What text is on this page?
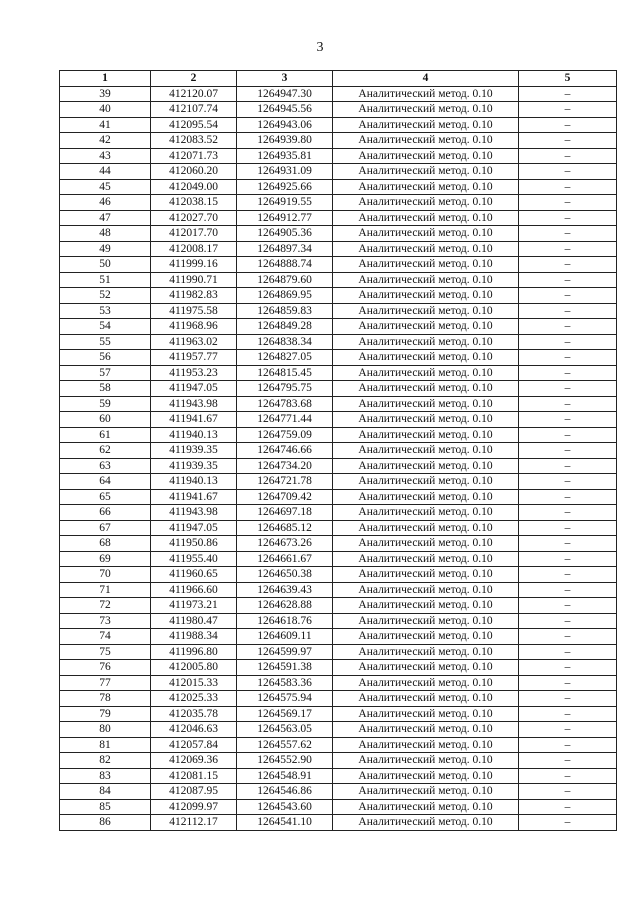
3
1	2	3	4	5
39	412120.07	1264947.30	Аналитический метод. 0.10	–
40	412107.74	1264945.56	Аналитический метод. 0.10	–
41	412095.54	1264943.06	Аналитический метод. 0.10	–
42	412083.52	1264939.80	Аналитический метод. 0.10	–
43	412071.73	1264935.81	Аналитический метод. 0.10	–
44	412060.20	1264931.09	Аналитический метод. 0.10	–
45	412049.00	1264925.66	Аналитический метод. 0.10	–
46	412038.15	1264919.55	Аналитический метод. 0.10	–
47	412027.70	1264912.77	Аналитический метод. 0.10	–
48	412017.70	1264905.36	Аналитический метод. 0.10	–
49	412008.17	1264897.34	Аналитический метод. 0.10	–
50	411999.16	1264888.74	Аналитический метод. 0.10	–
51	411990.71	1264879.60	Аналитический метод. 0.10	–
52	411982.83	1264869.95	Аналитический метод. 0.10	–
53	411975.58	1264859.83	Аналитический метод. 0.10	–
54	411968.96	1264849.28	Аналитический метод. 0.10	–
55	411963.02	1264838.34	Аналитический метод. 0.10	–
56	411957.77	1264827.05	Аналитический метод. 0.10	–
57	411953.23	1264815.45	Аналитический метод. 0.10	–
58	411947.05	1264795.75	Аналитический метод. 0.10	–
59	411943.98	1264783.68	Аналитический метод. 0.10	–
60	411941.67	1264771.44	Аналитический метод. 0.10	–
61	411940.13	1264759.09	Аналитический метод. 0.10	–
62	411939.35	1264746.66	Аналитический метод. 0.10	–
63	411939.35	1264734.20	Аналитический метод. 0.10	–
64	411940.13	1264721.78	Аналитический метод. 0.10	–
65	411941.67	1264709.42	Аналитический метод. 0.10	–
66	411943.98	1264697.18	Аналитический метод. 0.10	–
67	411947.05	1264685.12	Аналитический метод. 0.10	–
68	411950.86	1264673.26	Аналитический метод. 0.10	–
69	411955.40	1264661.67	Аналитический метод. 0.10	–
70	411960.65	1264650.38	Аналитический метод. 0.10	–
71	411966.60	1264639.43	Аналитический метод. 0.10	–
72	411973.21	1264628.88	Аналитический метод. 0.10	–
73	411980.47	1264618.76	Аналитический метод. 0.10	–
74	411988.34	1264609.11	Аналитический метод. 0.10	–
75	411996.80	1264599.97	Аналитический метод. 0.10	–
76	412005.80	1264591.38	Аналитический метод. 0.10	–
77	412015.33	1264583.36	Аналитический метод. 0.10	–
78	412025.33	1264575.94	Аналитический метод. 0.10	–
79	412035.78	1264569.17	Аналитический метод. 0.10	–
80	412046.63	1264563.05	Аналитический метод. 0.10	–
81	412057.84	1264557.62	Аналитический метод. 0.10	–
82	412069.36	1264552.90	Аналитический метод. 0.10	–
83	412081.15	1264548.91	Аналитический метод. 0.10	–
84	412087.95	1264546.86	Аналитический метод. 0.10	–
85	412099.97	1264543.60	Аналитический метод. 0.10	–
86	412112.17	1264541.10	Аналитический метод. 0.10	–
